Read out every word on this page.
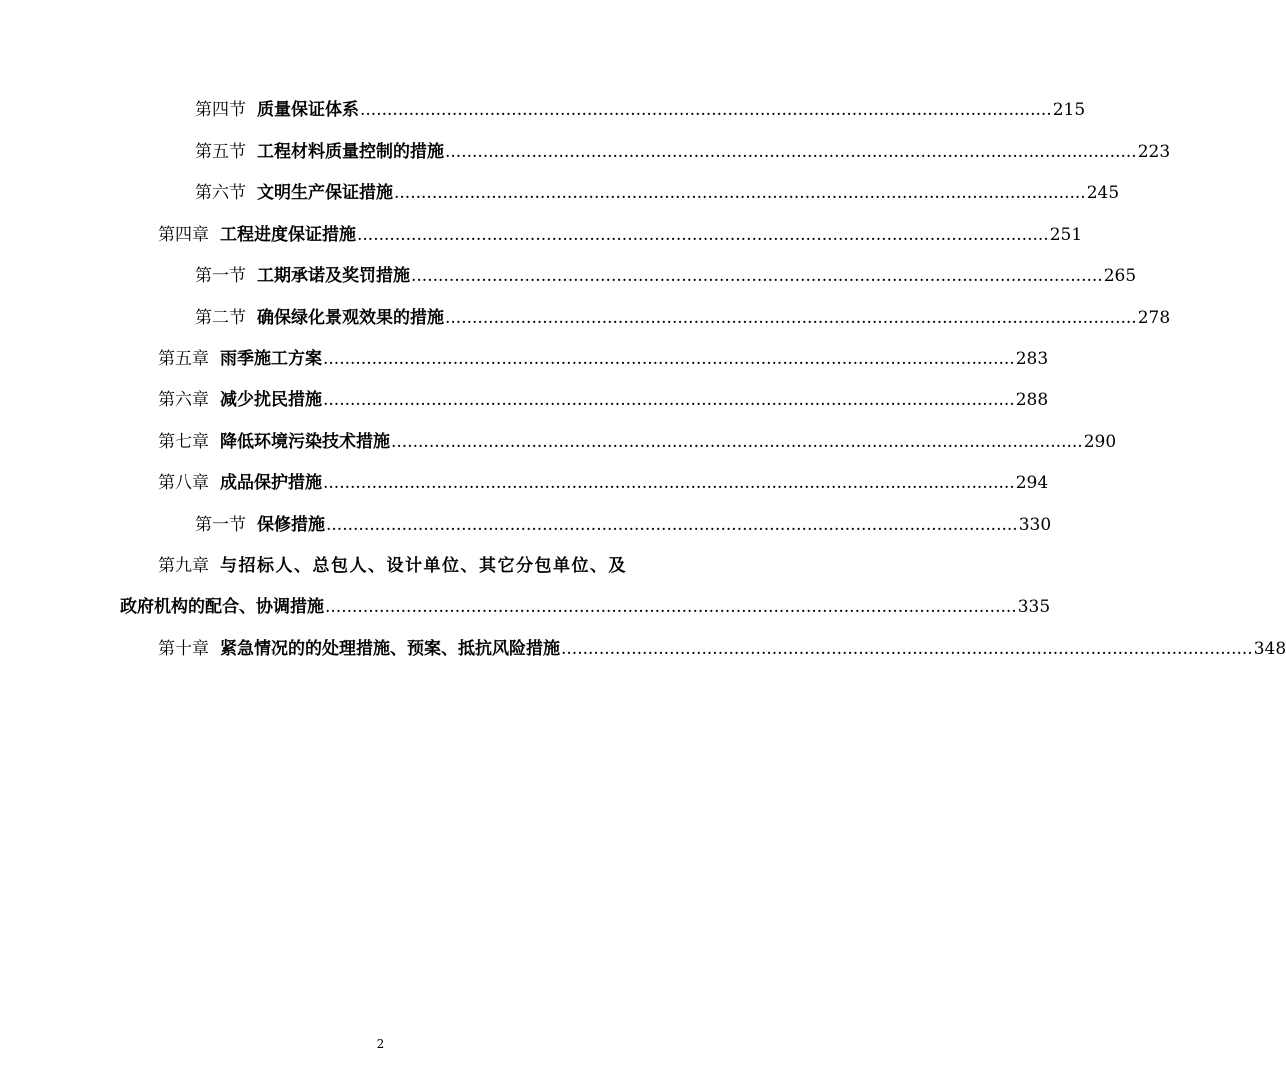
第四节 质量保证体系 ................................................................................................................................ 215
第五节 工程材料质量控制的措施 ................................................................................................................................ 223
第六节 文明生产保证措施 ................................................................................................................................ 245
第四章 工程进度保证措施 ................................................................................................................................ 251
第一节 工期承诺及奖罚措施 ................................................................................................................................ 265
第二节 确保绿化景观效果的措施 ................................................................................................................................ 278
第五章 雨季施工方案 ................................................................................................................................ 283
第六章 减少扰民措施 ................................................................................................................................ 288
第七章 降低环境污染技术措施 ................................................................................................................................ 290
第八章 成品保护措施 ................................................................................................................................ 294
第一节 保修措施 ................................................................................................................................ 330
第九章 与招标人、总包人、设计单位、其它分包单位、及
政府机构的配合、协调措施 ................................................................................................................................ 335
第十章 紧急情况的的处理措施、预案、抵抗风险措施 ................................................................................................................................ 348
2
